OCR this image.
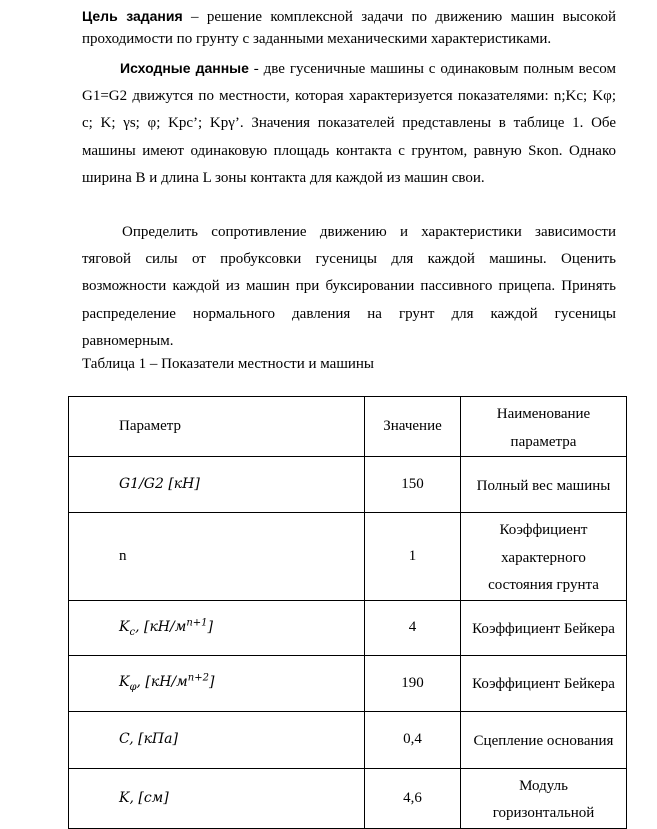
Цель задания – решение комплексной задачи по движению машин высокой проходимости по грунту с заданными механическими характеристиками.

Исходные данные - две гусеничные машины с одинаковым полным весом G1=G2 движутся по местности, которая характеризуется показателями: n;Kc; Kφ; c; K; γs; φ; Kpc’; Kpγ’. Значения показателей представлены в таблице 1. Обе машины имеют одинаковую площадь контакта с грунтом, равную Sкon. Однако ширина B и длина L зоны контакта для каждой из машин свои.

Определить сопротивление движению и характеристики зависимости тяговой силы от пробуксовки гусеницы для каждой машины. Оценить возможности каждой из машин при буксировании пассивного прицепа. Принять распределение нормального давления на грунт для каждой гусеницы равномерным.

Таблица 1 – Показатели местности и машины

Параметр	Значение	Наименование параметра
G1/G2 [кН]	150	Полный вес машины
n	1	Коэффициент характерного состояния грунта
$K_c$, $[кН/м^{n+1}]$	4	Коэффициент Бейкера
$K_\varphi$, $[кН/м^{n+2}]$	190	Коэффициент Бейкера
C, [кПа]	0,4	Сцепление основания
K, [см]	4,6	Модуль горизонтальной
